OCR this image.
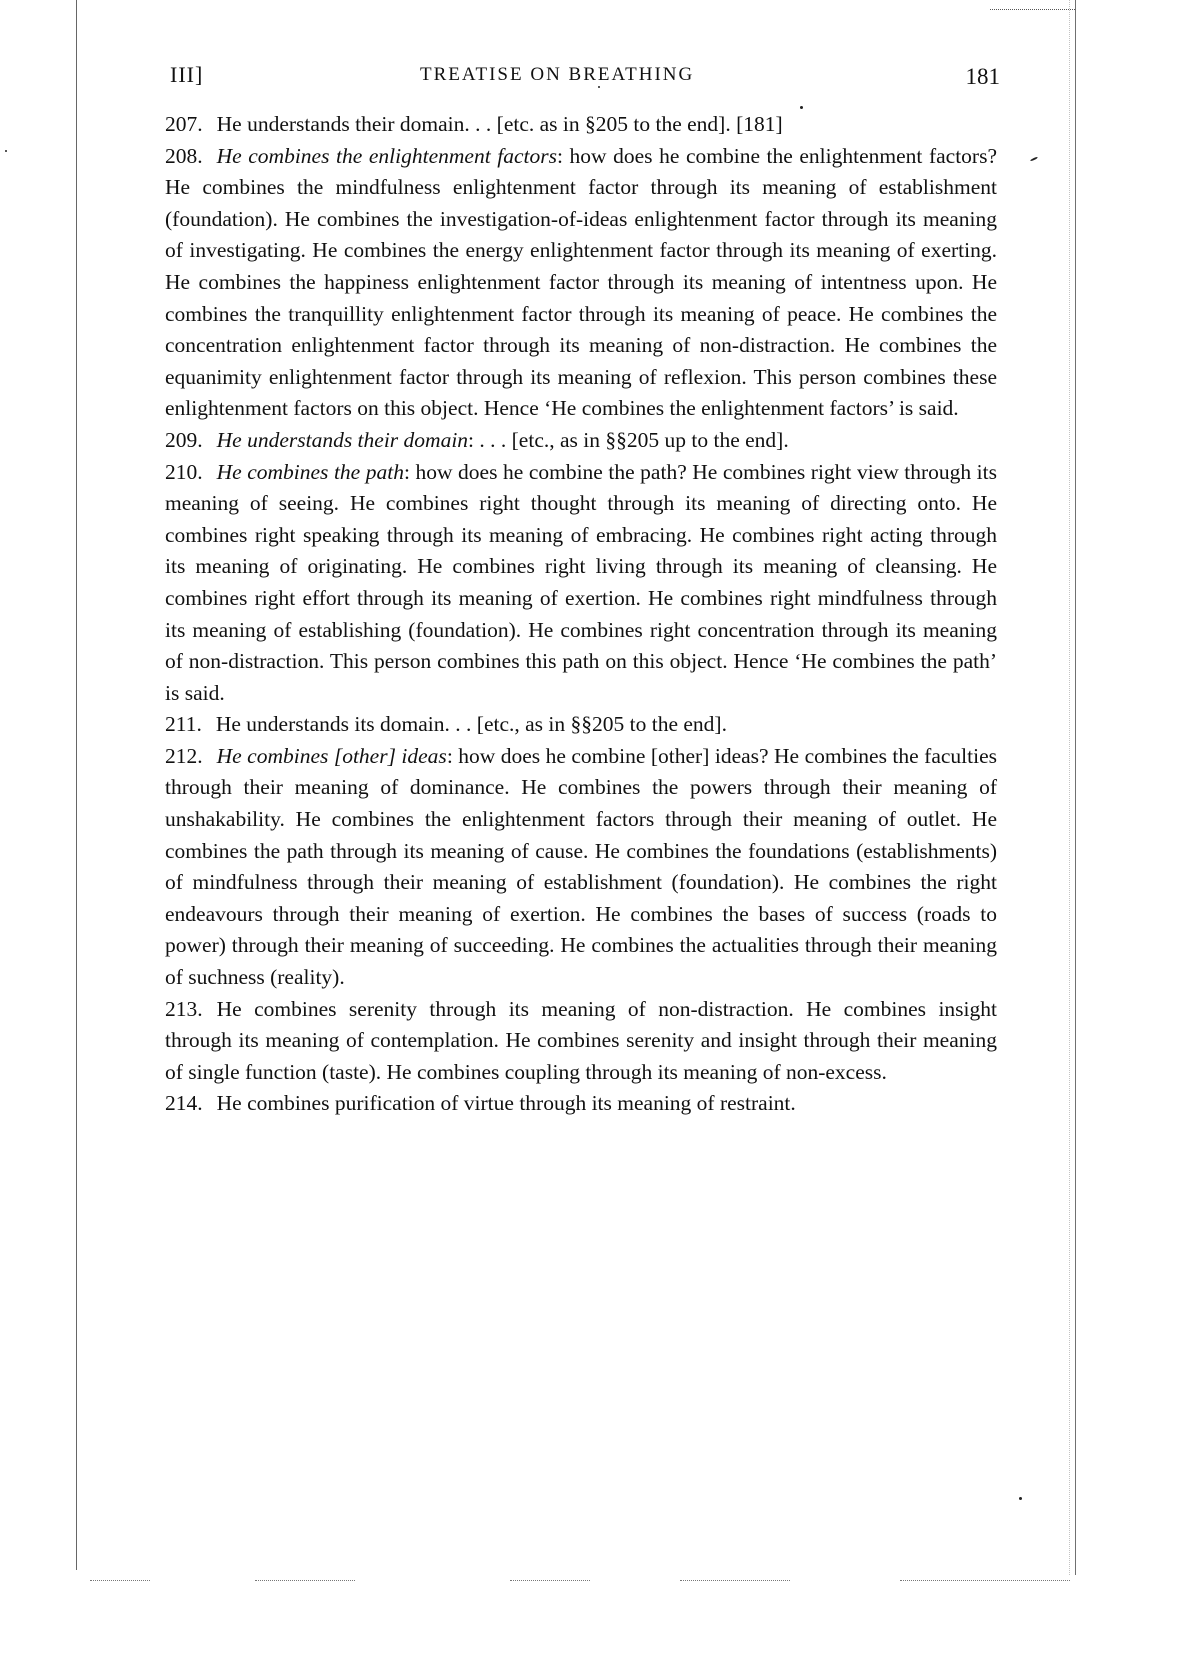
III]	TREATISE ON BREATHING	181

207. He understands their domain. . . [etc. as in §205 to the end]. [181]

208. He combines the enlightenment factors: how does he combine the enlightenment factors? He combines the mindfulness enlightenment factor through its meaning of establishment (foundation). He combines the investigation-of-ideas enlightenment factor through its meaning of investigating. He combines the energy enlightenment factor through its meaning of exerting. He combines the happiness enlightenment factor through its meaning of intentness upon. He combines the tranquillity enlightenment factor through its meaning of peace. He combines the concentration enlightenment factor through its meaning of non-distraction. He combines the equanimity enlightenment factor through its meaning of reflexion. This person combines these enlightenment factors on this object. Hence ‘He combines the enlightenment factors’ is said.

209. He understands their domain: . . . [etc., as in §§205 up to the end].

210. He combines the path: how does he combine the path? He combines right view through its meaning of seeing. He combines right thought through its meaning of directing onto. He combines right speaking through its meaning of embracing. He combines right acting through its meaning of originating. He combines right living through its meaning of cleansing. He combines right effort through its meaning of exertion. He combines right mindfulness through its meaning of establishing (foundation). He combines right concentration through its meaning of non-distraction. This person combines this path on this object. Hence ‘He combines the path’ is said.

211. He understands its domain. . . [etc., as in §§205 to the end].

212. He combines [other] ideas: how does he combine [other] ideas? He combines the faculties through their meaning of dominance. He combines the powers through their meaning of unshakability. He combines the enlightenment factors through their meaning of outlet. He combines the path through its meaning of cause. He combines the foundations (establishments) of mindfulness through their meaning of establishment (foundation). He combines the right endeavours through their meaning of exertion. He combines the bases of success (roads to power) through their meaning of succeeding. He combines the actualities through their meaning of suchness (reality).

213. He combines serenity through its meaning of non-distraction. He combines insight through its meaning of contemplation. He combines serenity and insight through their meaning of single function (taste). He combines coupling through its meaning of non-excess.

214. He combines purification of virtue through its meaning of restraint.
